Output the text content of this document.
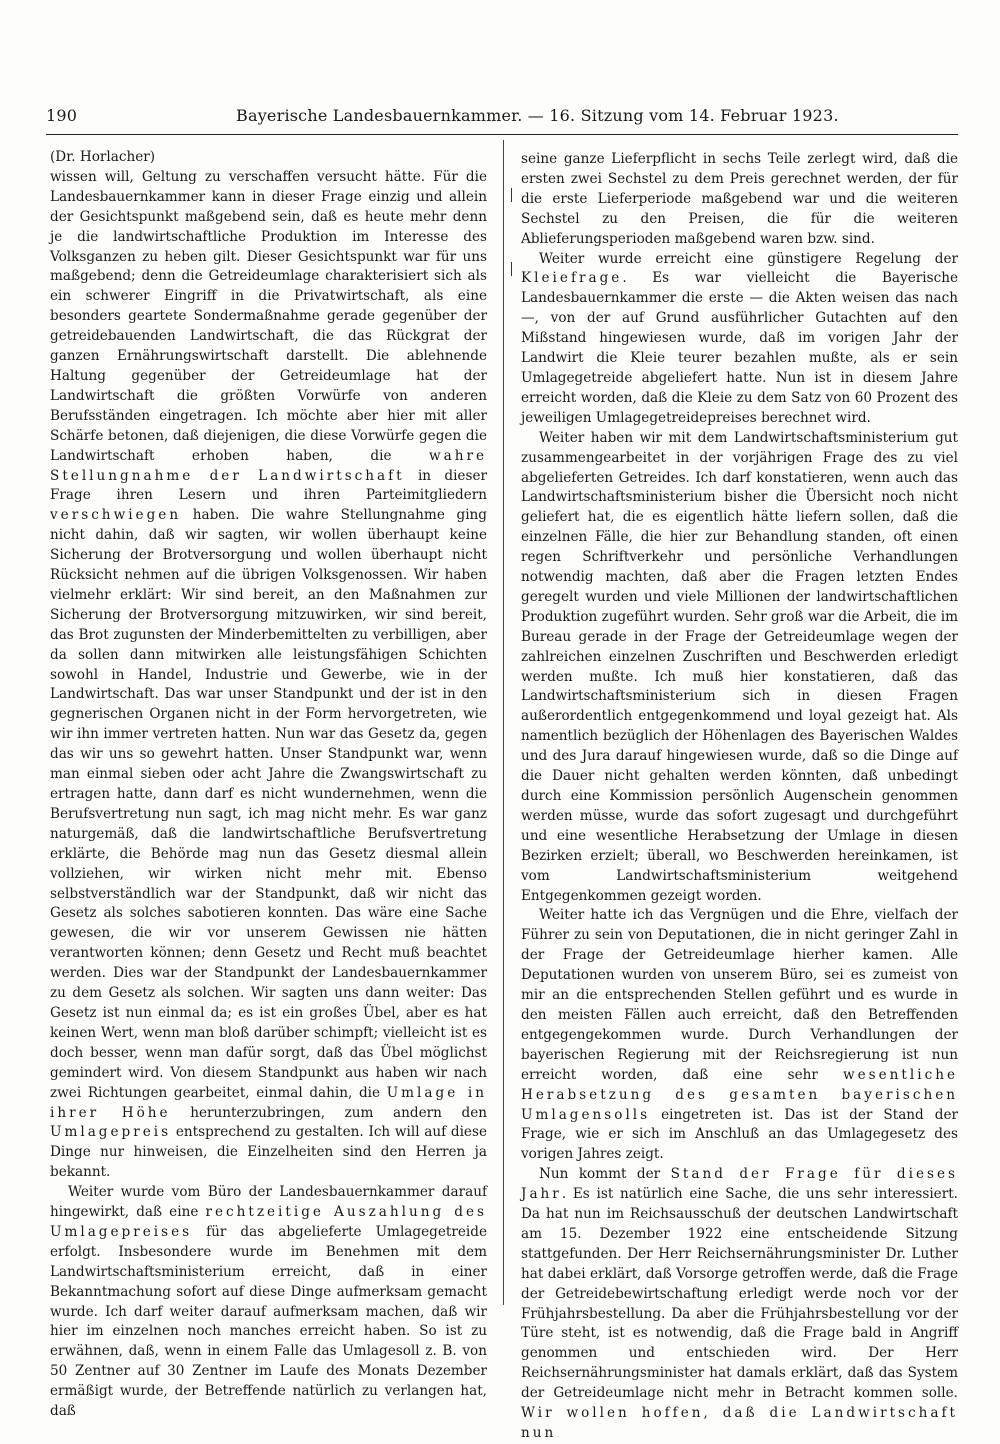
190	Bayerische Landesbauernkammer. — 16. Sitzung vom 14. Februar 1923.

(Dr. Horlacher)

wissen will, Geltung zu verschaffen versucht hätte. Für die Landesbauernkammer kann in dieser Frage einzig und allein der Gesichtspunkt maßgebend sein, daß es heute mehr denn je die landwirtschaftliche Produktion im Interesse des Volksganzen zu heben gilt. Dieser Gesichtspunkt war für uns maßgebend; denn die Getreideumlage charakterisiert sich als ein schwerer Eingriff in die Privatwirtschaft, als eine besonders geartete Sondermaßnahme gerade gegenüber der getreidebauenden Landwirtschaft, die das Rückgrat der ganzen Ernährungswirtschaft darstellt. Die ablehnende Haltung gegenüber der Getreideumlage hat der Landwirtschaft die größten Vorwürfe von anderen Berufsständen eingetragen. Ich möchte aber hier mit aller Schärfe betonen, daß diejenigen, die diese Vorwürfe gegen die Landwirtschaft erhoben haben, die wahre Stellungnahme der Landwirtschaft in dieser Frage ihren Lesern und ihren Parteimitgliedern verschwiegen haben. Die wahre Stellungnahme ging nicht dahin, daß wir sagten, wir wollen überhaupt keine Sicherung der Brotversorgung und wollen überhaupt nicht Rücksicht nehmen auf die übrigen Volksgenossen. Wir haben vielmehr erklärt: Wir sind bereit, an den Maßnahmen zur Sicherung der Brotversorgung mitzuwirken, wir sind bereit, das Brot zugunsten der Minderbemittelten zu verbilligen, aber da sollen dann mitwirken alle leistungsfähigen Schichten sowohl in Handel, Industrie und Gewerbe, wie in der Landwirtschaft. Das war unser Standpunkt und der ist in den gegnerischen Organen nicht in der Form hervorgetreten, wie wir ihn immer vertreten hatten. Nun war das Gesetz da, gegen das wir uns so gewehrt hatten. Unser Standpunkt war, wenn man einmal sieben oder acht Jahre die Zwangswirtschaft zu ertragen hatte, dann darf es nicht wundernehmen, wenn die Berufsvertretung nun sagt, ich mag nicht mehr. Es war ganz naturgemäß, daß die landwirtschaftliche Berufsvertretung erklärte, die Behörde mag nun das Gesetz diesmal allein vollziehen, wir wirken nicht mehr mit. Ebenso selbstverständlich war der Standpunkt, daß wir nicht das Gesetz als solches sabotieren konnten. Das wäre eine Sache gewesen, die wir vor unserem Gewissen nie hätten verantworten können; denn Gesetz und Recht muß beachtet werden. Dies war der Standpunkt der Landesbauernkammer zu dem Gesetz als solchen. Wir sagten uns dann weiter: Das Gesetz ist nun einmal da; es ist ein großes Übel, aber es hat keinen Wert, wenn man bloß darüber schimpft; vielleicht ist es doch besser, wenn man dafür sorgt, daß das Übel möglichst gemindert wird. Von diesem Standpunkt aus haben wir nach zwei Richtungen gearbeitet, einmal dahin, die Umlage in ihrer Höhe herunterzubringen, zum andern den Umlagepreis entsprechend zu gestalten. Ich will auf diese Dinge nur hinweisen, die Einzelheiten sind den Herren ja bekannt.

Weiter wurde vom Büro der Landesbauernkammer darauf hingewirkt, daß eine rechtzeitige Auszahlung des Umlagepreises für das abgelieferte Umlagegetreide erfolgt. Insbesondere wurde im Benehmen mit dem Landwirtschaftsministerium erreicht, daß in einer Bekanntmachung sofort auf diese Dinge aufmerksam gemacht wurde. Ich darf weiter darauf aufmerksam machen, daß wir hier im einzelnen noch manches erreicht haben. So ist zu erwähnen, daß, wenn in einem Falle das Umlagesoll z. B. von 50 Zentner auf 30 Zentner im Laufe des Monats Dezember ermäßigt wurde, der Betreffende natürlich zu verlangen hat, daß

seine ganze Lieferpflicht in sechs Teile zerlegt wird, daß die ersten zwei Sechstel zu dem Preis gerechnet werden, der für die erste Lieferperiode maßgebend war und die weiteren Sechstel zu den Preisen, die für die weiteren Ablieferungsperioden maßgebend waren bzw. sind.

Weiter wurde erreicht eine günstigere Regelung der Kleiefrage. Es war vielleicht die Bayerische Landesbauernkammer die erste — die Akten weisen das nach —, von der auf Grund ausführlicher Gutachten auf den Mißstand hingewiesen wurde, daß im vorigen Jahr der Landwirt die Kleie teurer bezahlen mußte, als er sein Umlagegetreide abgeliefert hatte. Nun ist in diesem Jahre erreicht worden, daß die Kleie zu dem Satz von 60 Prozent des jeweiligen Umlagegetreidepreises berechnet wird.

Weiter haben wir mit dem Landwirtschaftsministerium gut zusammengearbeitet in der vorjährigen Frage des zu viel abgelieferten Getreides. Ich darf konstatieren, wenn auch das Landwirtschaftsministerium bisher die Übersicht noch nicht geliefert hat, die es eigentlich hätte liefern sollen, daß die einzelnen Fälle, die hier zur Behandlung standen, oft einen regen Schriftverkehr und persönliche Verhandlungen notwendig machten, daß aber die Fragen letzten Endes geregelt wurden und viele Millionen der landwirtschaftlichen Produktion zugeführt wurden. Sehr groß war die Arbeit, die im Bureau gerade in der Frage der Getreideumlage wegen der zahlreichen einzelnen Zuschriften und Beschwerden erledigt werden mußte. Ich muß hier konstatieren, daß das Landwirtschaftsministerium sich in diesen Fragen außerordentlich entgegenkommend und loyal gezeigt hat. Als namentlich bezüglich der Höhenlagen des Bayerischen Waldes und des Jura darauf hingewiesen wurde, daß so die Dinge auf die Dauer nicht gehalten werden könnten, daß unbedingt durch eine Kommission persönlich Augenschein genommen werden müsse, wurde das sofort zugesagt und durchgeführt und eine wesentliche Herabsetzung der Umlage in diesen Bezirken erzielt; überall, wo Beschwerden hereinkamen, ist vom Landwirtschaftsministerium weitgehend Entgegenkommen gezeigt worden.

Weiter hatte ich das Vergnügen und die Ehre, vielfach der Führer zu sein von Deputationen, die in nicht geringer Zahl in der Frage der Getreideumlage hierher kamen. Alle Deputationen wurden von unserem Büro, sei es zumeist von mir an die entsprechenden Stellen geführt und es wurde in den meisten Fällen auch erreicht, daß den Betreffenden entgegengekommen wurde. Durch Verhandlungen der bayerischen Regierung mit der Reichsregierung ist nun erreicht worden, daß eine sehr wesentliche Herabsetzung des gesamten bayerischen Umlagensolls eingetreten ist. Das ist der Stand der Frage, wie er sich im Anschluß an das Umlagegesetz des vorigen Jahres zeigt.

Nun kommt der Stand der Frage für dieses Jahr. Es ist natürlich eine Sache, die uns sehr interessiert. Da hat nun im Reichsausschuß der deutschen Landwirtschaft am 15. Dezember 1922 eine entscheidende Sitzung stattgefunden. Der Herr Reichsernährungsminister Dr. Luther hat dabei erklärt, daß Vorsorge getroffen werde, daß die Frage der Getreidebewirtschaftung erledigt werde noch vor der Frühjahrsbestellung. Da aber die Frühjahrsbestellung vor der Türe steht, ist es notwendig, daß die Frage bald in Angriff genommen und entschieden wird. Der Herr Reichsernährungsminister hat damals erklärt, daß das System der Getreideumlage nicht mehr in Betracht kommen solle. Wir wollen hoffen, daß die Landwirtschaft nun
